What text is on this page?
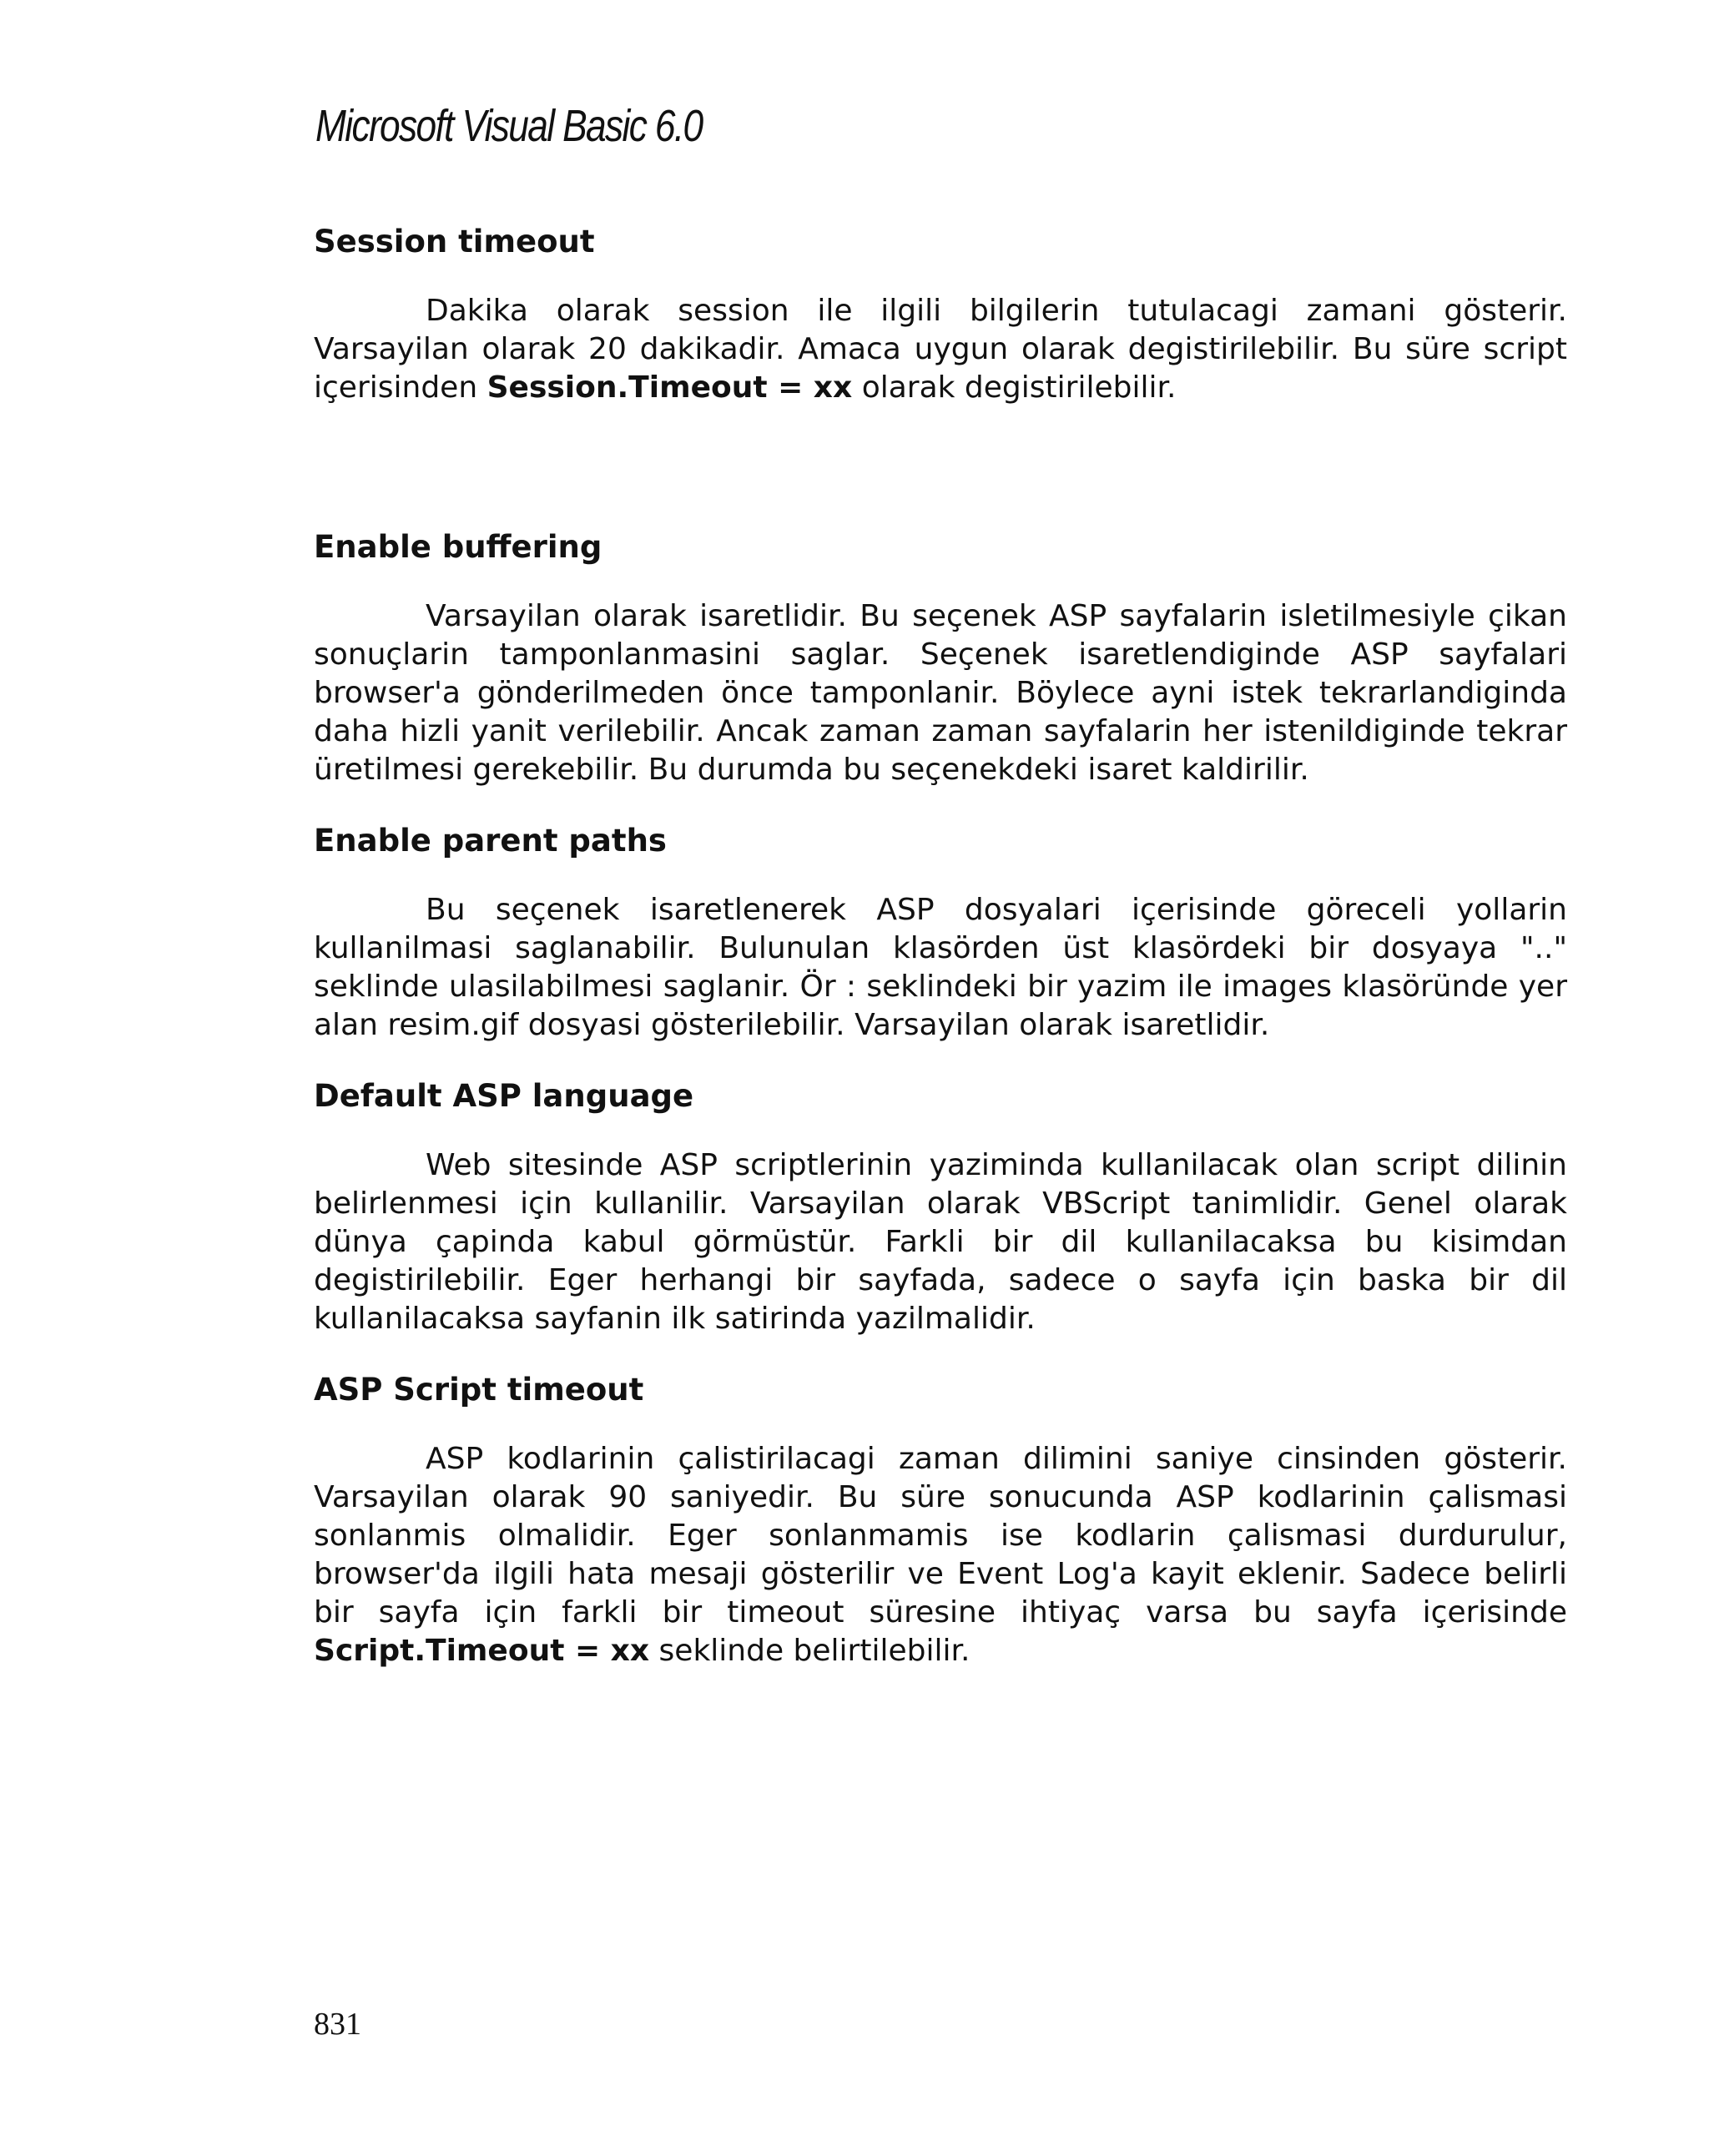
Microsoft Visual Basic 6.0
Session timeout

Dakika olarak session ile ilgili bilgilerin tutulacagi zamani gösterir. Varsayilan olarak 20 dakikadir. Amaca uygun olarak degistirilebilir. Bu süre script içerisinden Session.Timeout = xx olarak degistirilebilir.

Enable buffering

Varsayilan olarak isaretlidir. Bu seçenek ASP sayfalarin isletilmesiyle çikan sonuçlarin tamponlanmasini saglar. Seçenek isaretlendiginde ASP sayfalari browser'a gönderilmeden önce tamponlanir. Böylece ayni istek tekrarlandiginda daha hizli yanit verilebilir. Ancak zaman zaman sayfalarin her istenildiginde tekrar üretilmesi gerekebilir. Bu durumda bu seçenekdeki isaret kaldirilir.

Enable parent paths

Bu seçenek isaretlenerek ASP dosyalari içerisinde göreceli yollarin kullanilmasi saglanabilir. Bulunulan klasörden üst klasördeki bir dosyaya ".." seklinde ulasilabilmesi saglanir. Ör : seklindeki bir yazim ile images klasöründe yer alan resim.gif dosyasi gösterilebilir. Varsayilan olarak isaretlidir.

Default ASP language

Web sitesinde ASP scriptlerinin yaziminda kullanilacak olan script dilinin belirlenmesi için kullanilir. Varsayilan olarak VBScript tanimlidir. Genel olarak dünya çapinda kabul görmüstür. Farkli bir dil kullanilacaksa bu kisimdan degistirilebilir. Eger herhangi bir sayfada, sadece o sayfa için baska bir dil kullanilacaksa sayfanin ilk satirinda yazilmalidir.

ASP Script timeout

ASP kodlarinin çalistirilacagi zaman dilimini saniye cinsinden gösterir. Varsayilan olarak 90 saniyedir. Bu süre sonucunda ASP kodlarinin çalismasi sonlanmis olmalidir. Eger sonlanmamis ise kodlarin çalismasi durdurulur, browser'da ilgili hata mesaji gösterilir ve Event Log'a kayit eklenir. Sadece belirli bir sayfa için farkli bir timeout süresine ihtiyaç varsa bu sayfa içerisinde Script.Timeout = xx seklinde belirtilebilir.

831
